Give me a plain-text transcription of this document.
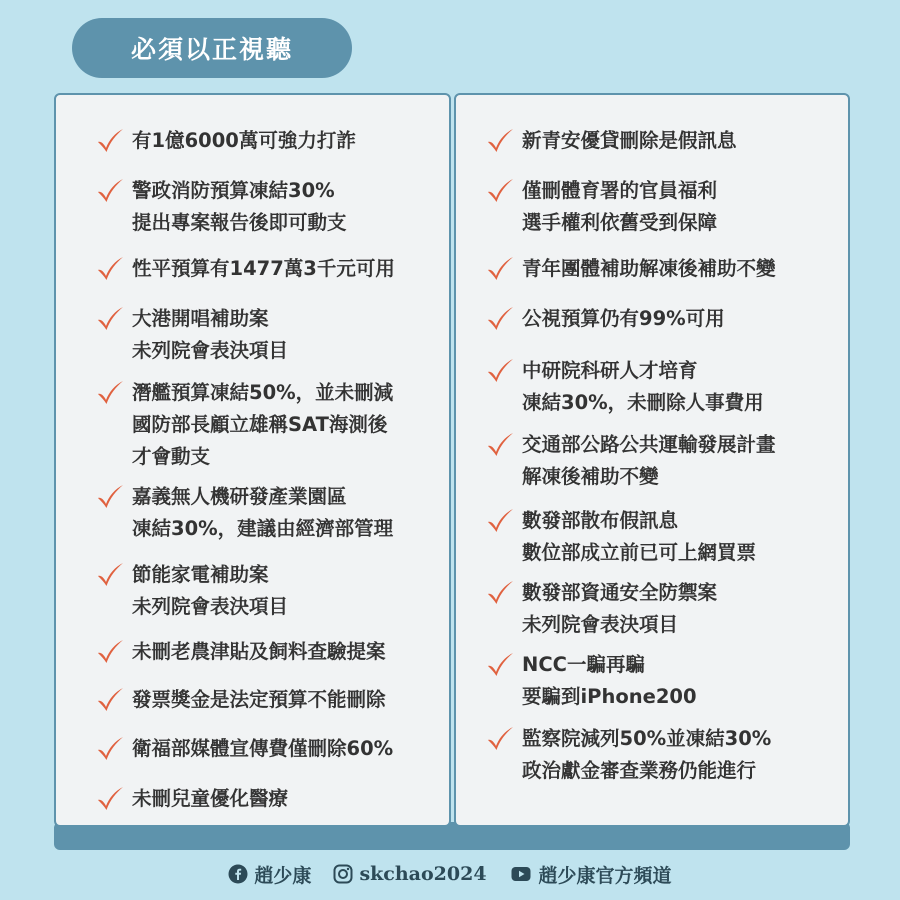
必須以正視聽
有1億6000萬可強力打詐
警政消防預算凍結30%
提出專案報告後即可動支
性平預算有1477萬3千元可用
大港開唱補助案
未列院會表決項目
潛艦預算凍結50%，並未刪減
國防部長顧立雄稱SAT海測後
才會動支
嘉義無人機研發產業園區
凍結30%，建議由經濟部管理
節能家電補助案
未列院會表決項目
未刪老農津貼及飼料查驗提案
發票獎金是法定預算不能刪除
衛福部媒體宣傳費僅刪除60%
未刪兒童優化醫療
新青安優貸刪除是假訊息
僅刪體育署的官員福利
選手權利依舊受到保障
青年團體補助解凍後補助不變
公視預算仍有99%可用
中研院科研人才培育
凍結30%，未刪除人事費用
交通部公路公共運輸發展計畫
解凍後補助不變
數發部散布假訊息
數位部成立前已可上網買票
數發部資通安全防禦案
未列院會表決項目
NCC一騙再騙
要騙到iPhone200
監察院減列50%並凍結30%
政治獻金審查業務仍能進行
趙少康	skchao2024	趙少康官方頻道
